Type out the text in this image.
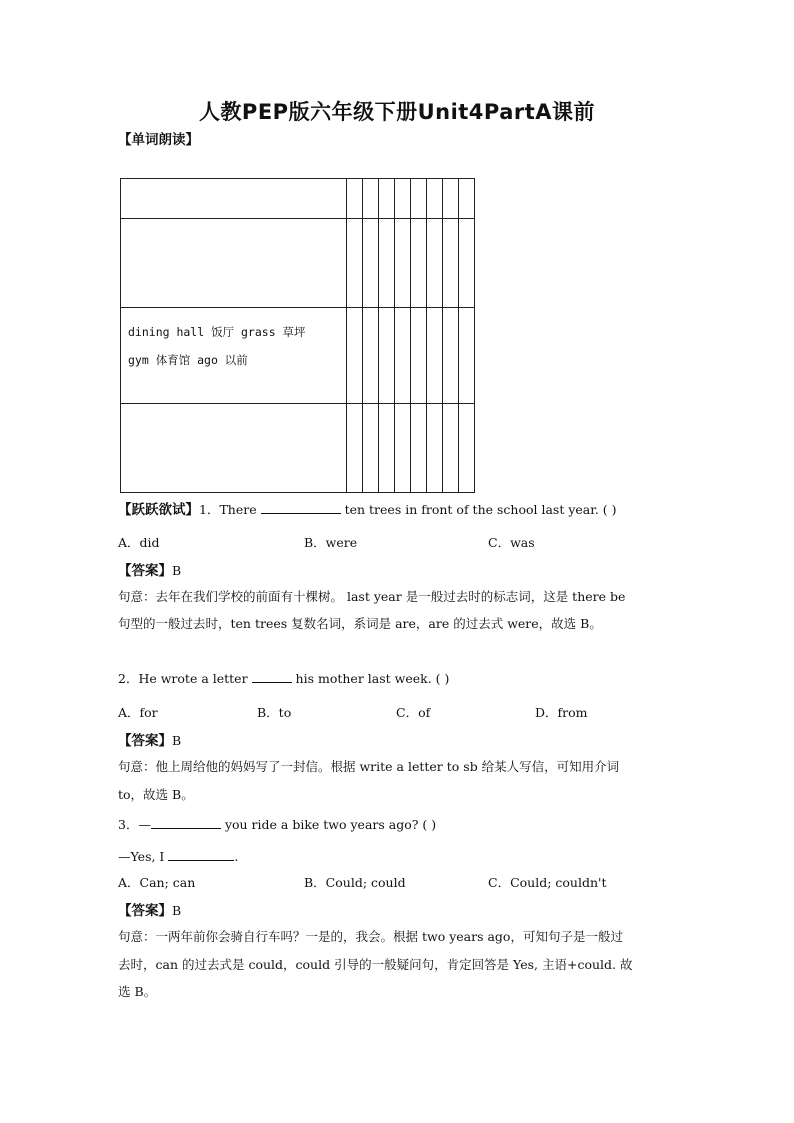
人教PEP版六年级下册Unit4PartA课前
【单词朗读】

dining hall 饭厅 grass 草坪
gym 体育馆 ago 以前								

【跃跃欲试】1．There	ten trees in front of the school last year. ( )
A．did	B．were	C．was
【答案】B
句意：去年在我们学校的前面有十棵树。 last year 是一般过去时的标志词，这是 there be
句型的一般过去时，ten trees 复数名词，系词是 are，are 的过去式 were，故选 B。
2．He wrote a letter	his mother last week. ( )
A．for	B．to	C．of	D．from
【答案】B
句意：他上周给他的妈妈写了一封信。根据 write a letter to sb 给某人写信，可知用介词
to，故选 B。
3．—	you ride a bike two years ago? ( )
—Yes, I	.
A．Can; can	B．Could; could	C．Could; couldn't
【答案】B
句意：一两年前你会骑自行车吗？一是的，我会。根据 two years ago，可知句子是一般过
去时，can 的过去式是 could，could 引导的一般疑问句，肯定回答是 Yes, 主语+could. 故
选 B。
